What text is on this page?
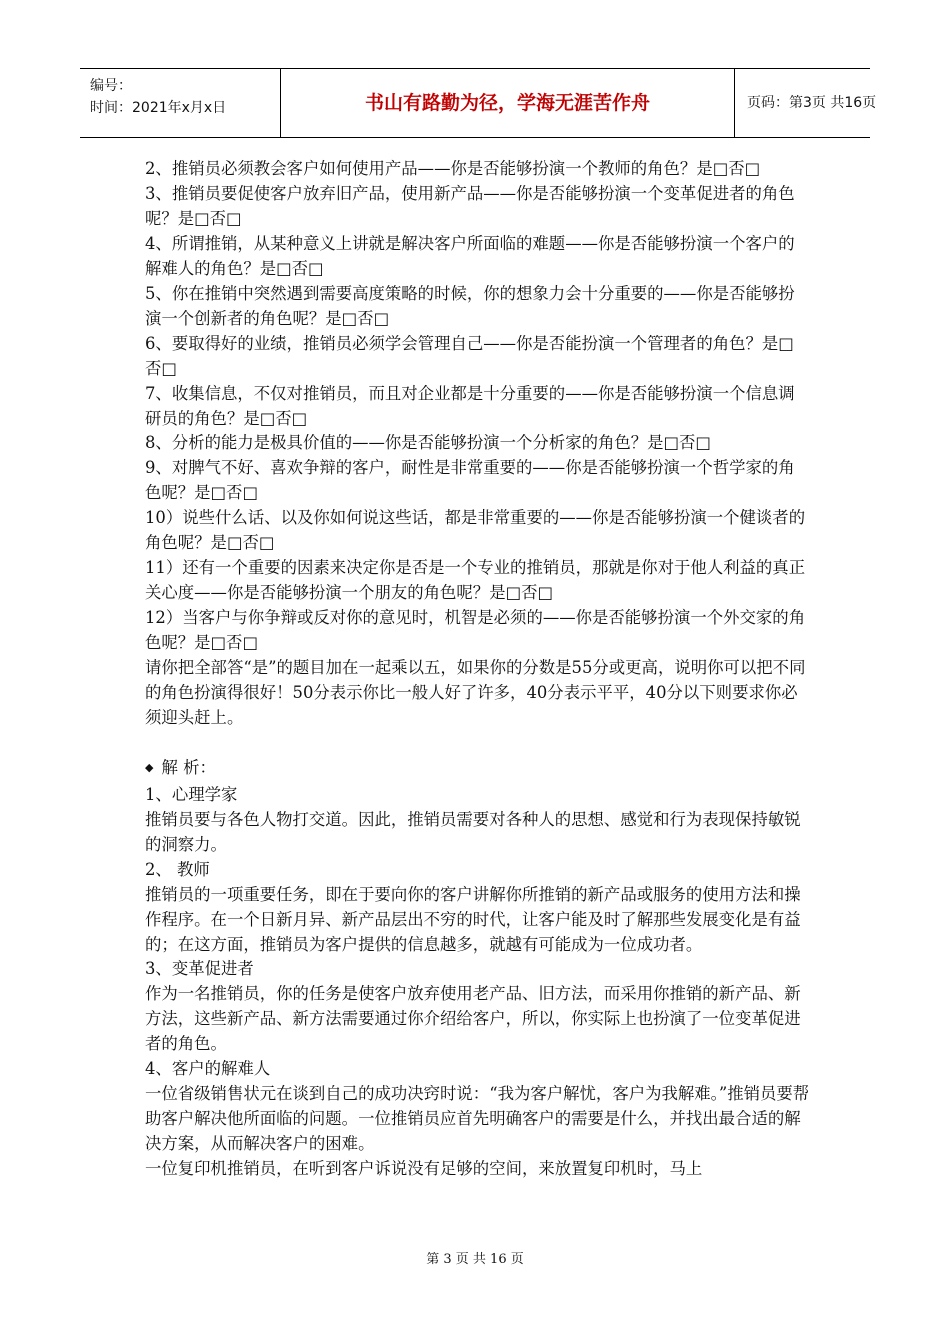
编号：
时间：2021年x月x日	书山有路勤为径，学海无涯苦作舟	页码：第3页 共16页

2、推销员必须教会客户如何使用产品——你是否能够扮演一个教师的角色？是□否□

3、推销员要促使客户放弃旧产品，使用新产品——你是否能够扮演一个变革促进者的角色呢？是□否□

4、所谓推销，从某种意义上讲就是解决客户所面临的难题——你是否能够扮演一个客户的解难人的角色？是□否□

5、你在推销中突然遇到需要高度策略的时候，你的想象力会十分重要的——你是否能够扮演一个创新者的角色呢？是□否□

6、要取得好的业绩，推销员必须学会管理自己——你是否能扮演一个管理者的角色？是□否□

7、收集信息，不仅对推销员，而且对企业都是十分重要的——你是否能够扮演一个信息调研员的角色？是□否□

8、分析的能力是极具价值的——你是否能够扮演一个分析家的角色？是□否□

9、对脾气不好、喜欢争辩的客户，耐性是非常重要的——你是否能够扮演一个哲学家的角色呢？是□否□

10）说些什么话、以及你如何说这些话，都是非常重要的——你是否能够扮演一个健谈者的角色呢？是□否□

11）还有一个重要的因素来决定你是否是一个专业的推销员，那就是你对于他人利益的真正关心度——你是否能够扮演一个朋友的角色呢？是□否□

12）当客户与你争辩或反对你的意见时，机智是必须的——你是否能够扮演一个外交家的角色呢？是□否□

请你把全部答“是”的题目加在一起乘以五，如果你的分数是55分或更高，说明你可以把不同的角色扮演得很好！50分表示你比一般人好了许多，40分表示平平，40分以下则要求你必须迎头赶上。

◆ 解 析：

1、心理学家

推销员要与各色人物打交道。因此，推销员需要对各种人的思想、感觉和行为表现保持敏锐的洞察力。

2、 教师

推销员的一项重要任务，即在于要向你的客户讲解你所推销的新产品或服务的使用方法和操作程序。在一个日新月异、新产品层出不穷的时代，让客户能及时了解那些发展变化是有益的；在这方面，推销员为客户提供的信息越多，就越有可能成为一位成功者。

3、变革促进者

作为一名推销员，你的任务是使客户放弃使用老产品、旧方法，而采用你推销的新产品、新方法，这些新产品、新方法需要通过你介绍给客户，所以，你实际上也扮演了一位变革促进者的角色。

4、客户的解难人

一位省级销售状元在谈到自己的成功决窍时说：“我为客户解忧，客户为我解难。”推销员要帮助客户解决他所面临的问题。一位推销员应首先明确客户的需要是什么，并找出最合适的解决方案，从而解决客户的困难。

一位复印机推销员，在听到客户诉说没有足够的空间，来放置复印机时，马上

第 3 页 共 16 页
